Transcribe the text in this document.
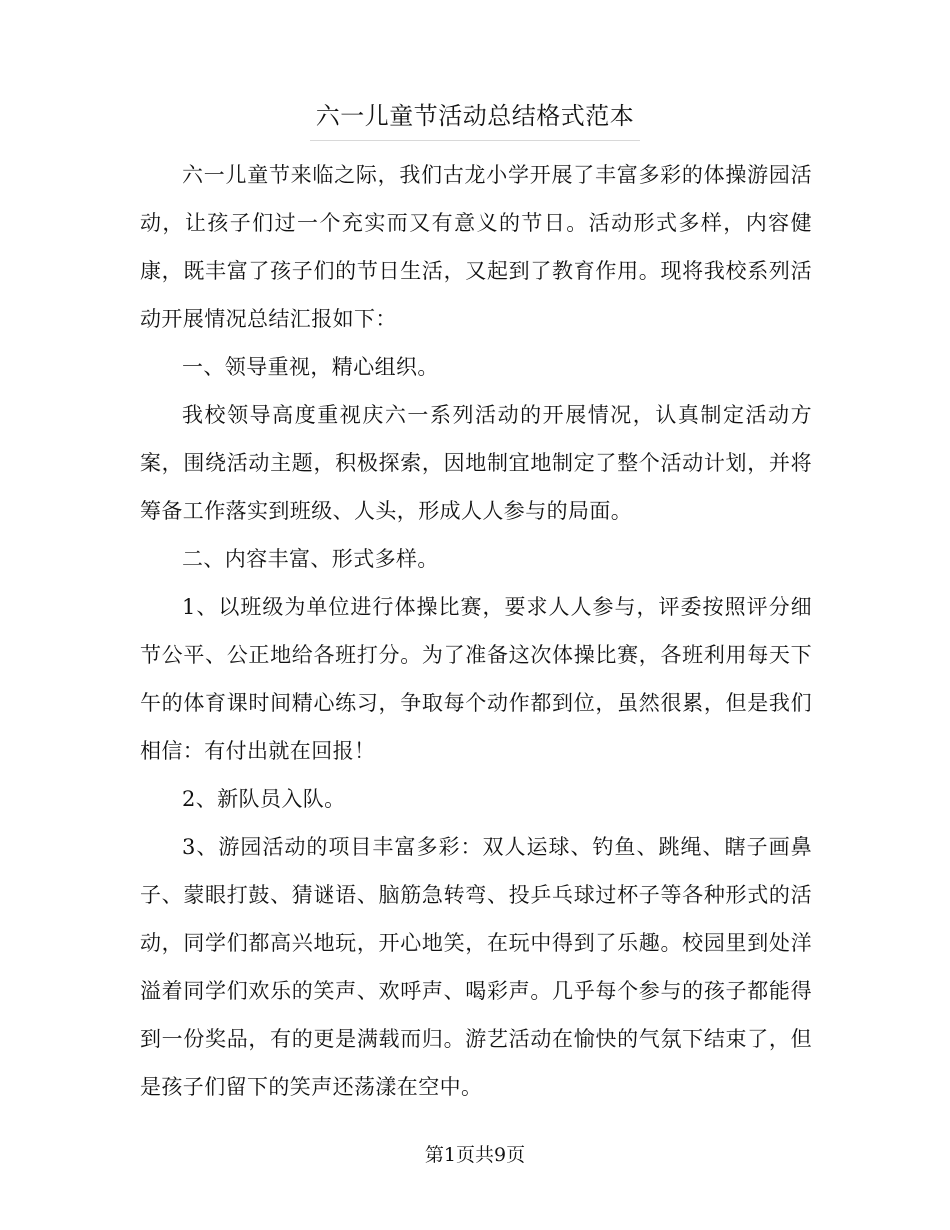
六一儿童节活动总结格式范本

六一儿童节来临之际，我们古龙小学开展了丰富多彩的体操游园活动，让孩子们过一个充实而又有意义的节日。活动形式多样，内容健康，既丰富了孩子们的节日生活，又起到了教育作用。现将我校系列活动开展情况总结汇报如下：

一、领导重视，精心组织。

我校领导高度重视庆六一系列活动的开展情况，认真制定活动方案，围绕活动主题，积极探索，因地制宜地制定了整个活动计划，并将筹备工作落实到班级、人头，形成人人参与的局面。

二、内容丰富、形式多样。

1、以班级为单位进行体操比赛，要求人人参与，评委按照评分细节公平、公正地给各班打分。为了准备这次体操比赛，各班利用每天下午的体育课时间精心练习，争取每个动作都到位，虽然很累，但是我们相信：有付出就在回报！

2、新队员入队。

3、游园活动的项目丰富多彩：双人运球、钓鱼、跳绳、瞎子画鼻子、蒙眼打鼓、猜谜语、脑筋急转弯、投乒乓球过杯子等各种形式的活动，同学们都高兴地玩，开心地笑，在玩中得到了乐趣。校园里到处洋溢着同学们欢乐的笑声、欢呼声、喝彩声。几乎每个参与的孩子都能得到一份奖品，有的更是满载而归。游艺活动在愉快的气氛下结束了，但是孩子们留下的笑声还荡漾在空中。

第1页共9页
